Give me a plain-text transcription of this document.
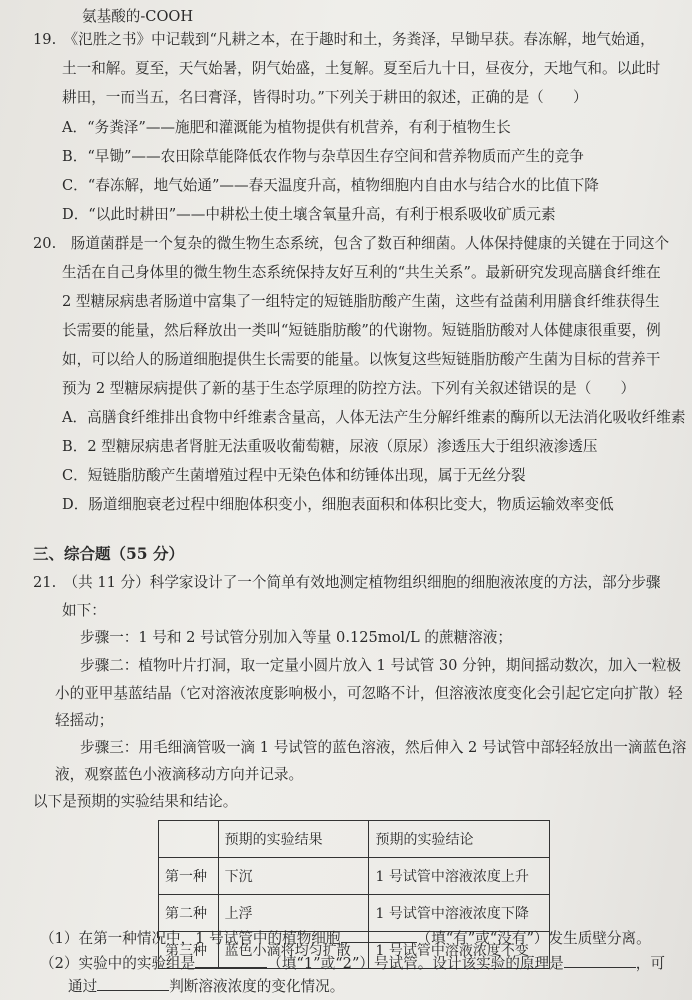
氨基酸的-COOH
19.　《氾胜之书》中记载到“凡耕之本，在于趣时和土，务粪泽，早锄早获。春冻解，地气始通，
土一和解。夏至，天气始暑，阴气始盛，土复解。夏至后九十日，昼夜分，天地气和。以此时
耕田，一而当五，名曰膏泽，皆得时功。”下列关于耕田的叙述，正确的是（　　）
A．“务粪泽”——施肥和灌溉能为植物提供有机营养，有利于植物生长
B．“早锄”——农田除草能降低农作物与杂草因生存空间和营养物质而产生的竞争
C．“春冻解，地气始通”——春天温度升高，植物细胞内自由水与结合水的比值下降
D．“以此时耕田”——中耕松土使土壤含氧量升高，有利于根系吸收矿质元素
20.　肠道菌群是一个复杂的微生物生态系统，包含了数百种细菌。人体保持健康的关键在于同这个
生活在自己身体里的微生物生态系统保持友好互利的“共生关系”。最新研究发现高膳食纤维在
2 型糖尿病患者肠道中富集了一组特定的短链脂肪酸产生菌，这些有益菌利用膳食纤维获得生
长需要的能量，然后释放出一类叫“短链脂肪酸”的代谢物。短链脂肪酸对人体健康很重要，例
如，可以给人的肠道细胞提供生长需要的能量。以恢复这些短链脂肪酸产生菌为目标的营养干
预为 2 型糖尿病提供了新的基于生态学原理的防控方法。下列有关叙述错误的是（　　）
A．高膳食纤维排出食物中纤维素含量高，人体无法产生分解纤维素的酶所以无法消化吸收纤维素
B．2 型糖尿病患者肾脏无法重吸收葡萄糖，尿液（原尿）渗透压大于组织液渗透压
C．短链脂肪酸产生菌增殖过程中无染色体和纺锤体出现，属于无丝分裂
D．肠道细胞衰老过程中细胞体积变小，细胞表面积和体积比变大，物质运输效率变低
三、综合题（55 分）
21.　（共 11 分）科学家设计了一个简单有效地测定植物组织细胞的细胞液浓度的方法，部分步骤
如下：
步骤一：1 号和 2 号试管分别加入等量 0.125mol/L 的蔗糖溶液；
步骤二：植物叶片打洞，取一定量小圆片放入 1 号试管 30 分钟，期间摇动数次，加入一粒极
小的亚甲基蓝结晶（它对溶液浓度影响极小，可忽略不计，但溶液浓度变化会引起它定向扩散）轻
轻摇动；
步骤三：用毛细滴管吸一滴 1 号试管的蓝色溶液，然后伸入 2 号试管中部轻轻放出一滴蓝色溶
液，观察蓝色小液滴移动方向并记录。
以下是预期的实验结果和结论。
	预期的实验结果	预期的实验结论
第一种	下沉	1 号试管中溶液浓度上升
第二种	上浮	1 号试管中溶液浓度下降
第三种	蓝色小滴将均匀扩散	1 号试管中溶液浓度不变
（1）在第一种情况中，1 号试管中的植物细胞	（填“有”或“没有”）发生质壁分离。
（2）实验中的实验组是	（填“1”或“2”）号试管。设计该实验的原理是	，可
通过	判断溶液浓度的变化情况。
